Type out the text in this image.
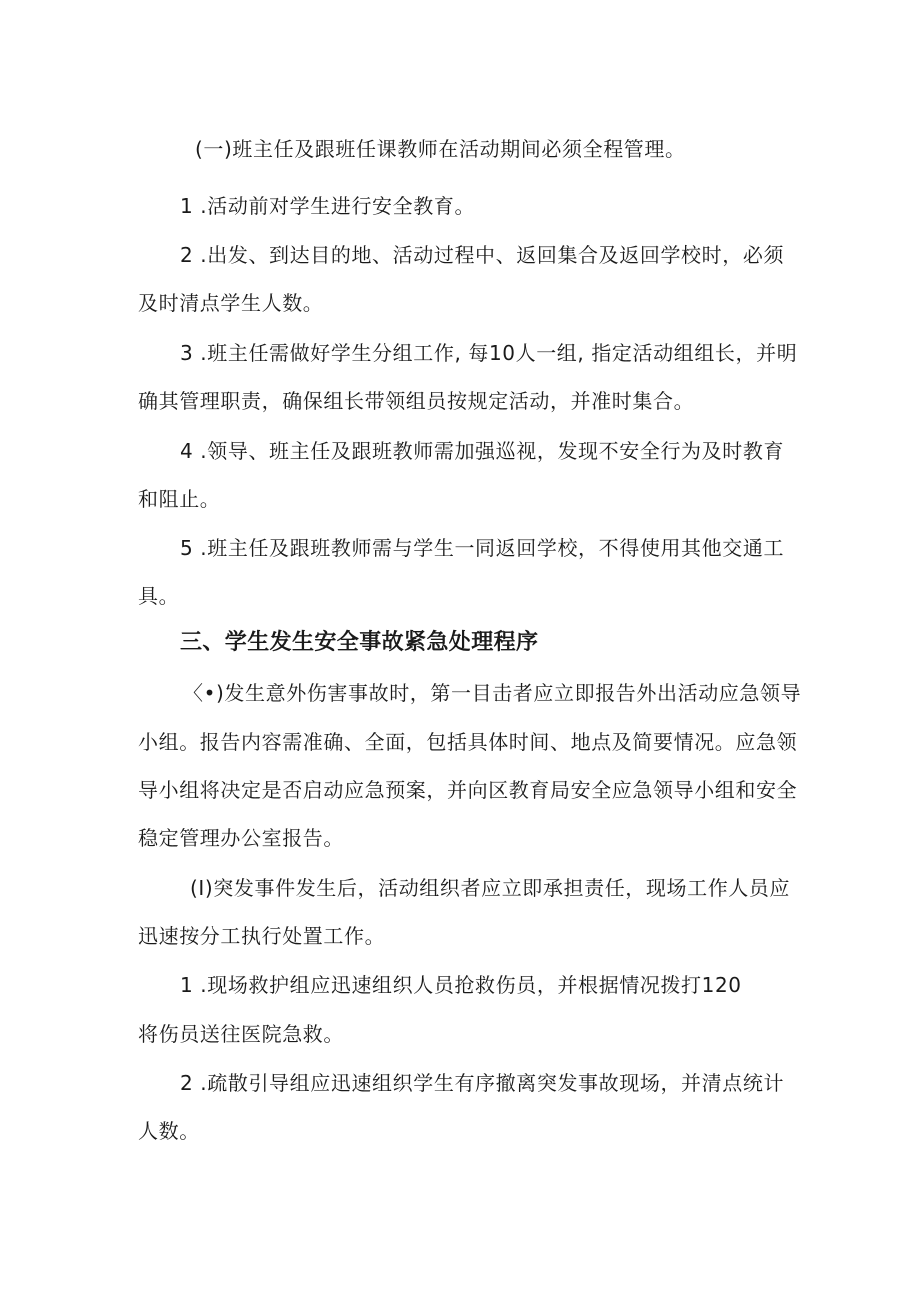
(一)班主任及跟班任课教师在活动期间必须全程管理。
1 .活动前对学生进行安全教育。
2 .出发、到达目的地、活动过程中、返回集合及返回学校时，必须
及时清点学生人数。
3 .班主任需做好学生分组工作, 每10人一组, 指定活动组组长，并明
确其管理职责，确保组长带领组员按规定活动，并准时集合。
4 .领导、班主任及跟班教师需加强巡视，发现不安全行为及时教育
和阻止。
5 .班主任及跟班教师需与学生一同返回学校，不得使用其他交通工
具。
三、学生发生安全事故紧急处理程序
〈•)发生意外伤害事故时，第一目击者应立即报告外出活动应急领导
小组。报告内容需准确、全面，包括具体时间、地点及简要情况。应急领
导小组将决定是否启动应急预案，并向区教育局安全应急领导小组和安全
稳定管理办公室报告。
(I)突发事件发生后，活动组织者应立即承担责任，现场工作人员应
迅速按分工执行处置工作。
1 .现场救护组应迅速组织人员抢救伤员，并根据情况拨打120
将伤员送往医院急救。
2 .疏散引导组应迅速组织学生有序撤离突发事故现场，并清点统计
人数。
